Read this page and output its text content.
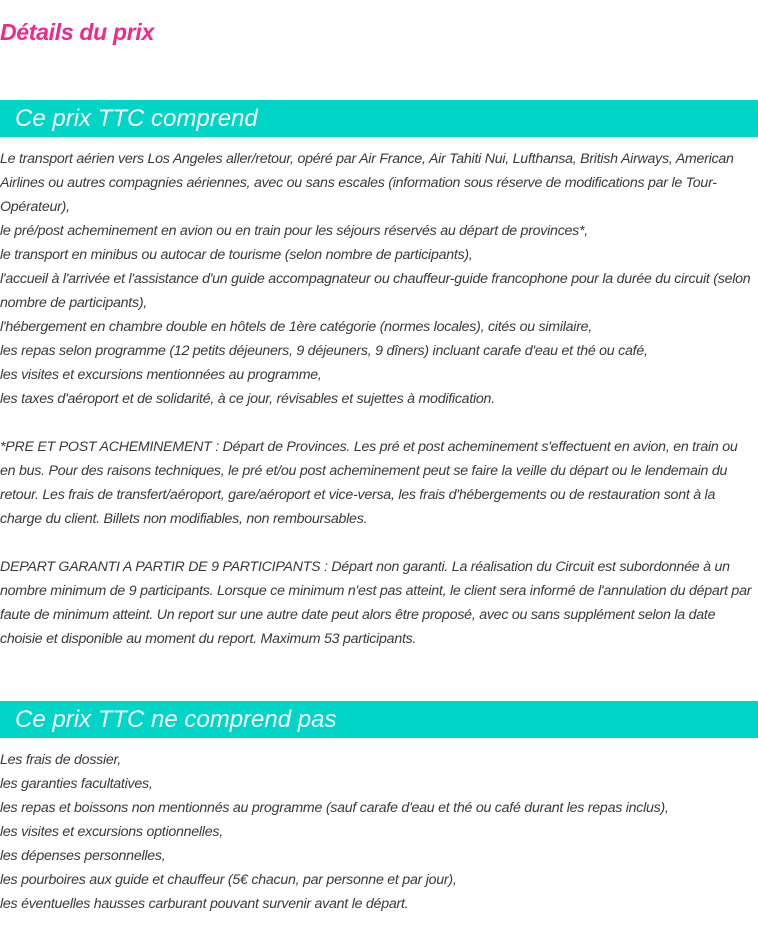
Détails du prix
Ce prix TTC comprend
Le transport aérien vers Los Angeles aller/retour, opéré par Air France, Air Tahiti Nui, Lufthansa, British Airways, American Airlines ou autres compagnies aériennes, avec ou sans escales (information sous réserve de modifications par le Tour-Opérateur),
le pré/post acheminement en avion ou en train pour les séjours réservés au départ de provinces*,
le transport en minibus ou autocar de tourisme (selon nombre de participants),
l'accueil à l'arrivée et l'assistance d'un guide accompagnateur ou chauffeur-guide francophone pour la durée du circuit (selon nombre de participants),
l'hébergement en chambre double en hôtels de 1ère catégorie (normes locales), cités ou similaire,
les repas selon programme (12 petits déjeuners, 9 déjeuners, 9 dîners) incluant carafe d'eau et thé ou café,
les visites et excursions mentionnées au programme,
les taxes d'aéroport et de solidarité, à ce jour, révisables et sujettes à modification.

*PRE ET POST ACHEMINEMENT : Départ de Provinces. Les pré et post acheminement s'effectuent en avion, en train ou en bus. Pour des raisons techniques, le pré et/ou post acheminement peut se faire la veille du départ ou le lendemain du retour. Les frais de transfert/aéroport, gare/aéroport et vice-versa, les frais d'hébergements ou de restauration sont à la charge du client. Billets non modifiables, non remboursables.

DEPART GARANTI A PARTIR DE 9 PARTICIPANTS : Départ non garanti. La réalisation du Circuit est subordonnée à un nombre minimum de 9 participants. Lorsque ce minimum n'est pas atteint, le client sera informé de l'annulation du départ par faute de minimum atteint. Un report sur une autre date peut alors être proposé, avec ou sans supplément selon la date choisie et disponible au moment du report. Maximum 53 participants.

Ce prix TTC ne comprend pas
Les frais de dossier,
les garanties facultatives,
les repas et boissons non mentionnés au programme (sauf carafe d'eau et thé ou café durant les repas inclus),
les visites et excursions optionnelles,
les dépenses personnelles,
les pourboires aux guide et chauffeur (5€ chacun, par personne et par jour),
les éventuelles hausses carburant pouvant survenir avant le départ.
